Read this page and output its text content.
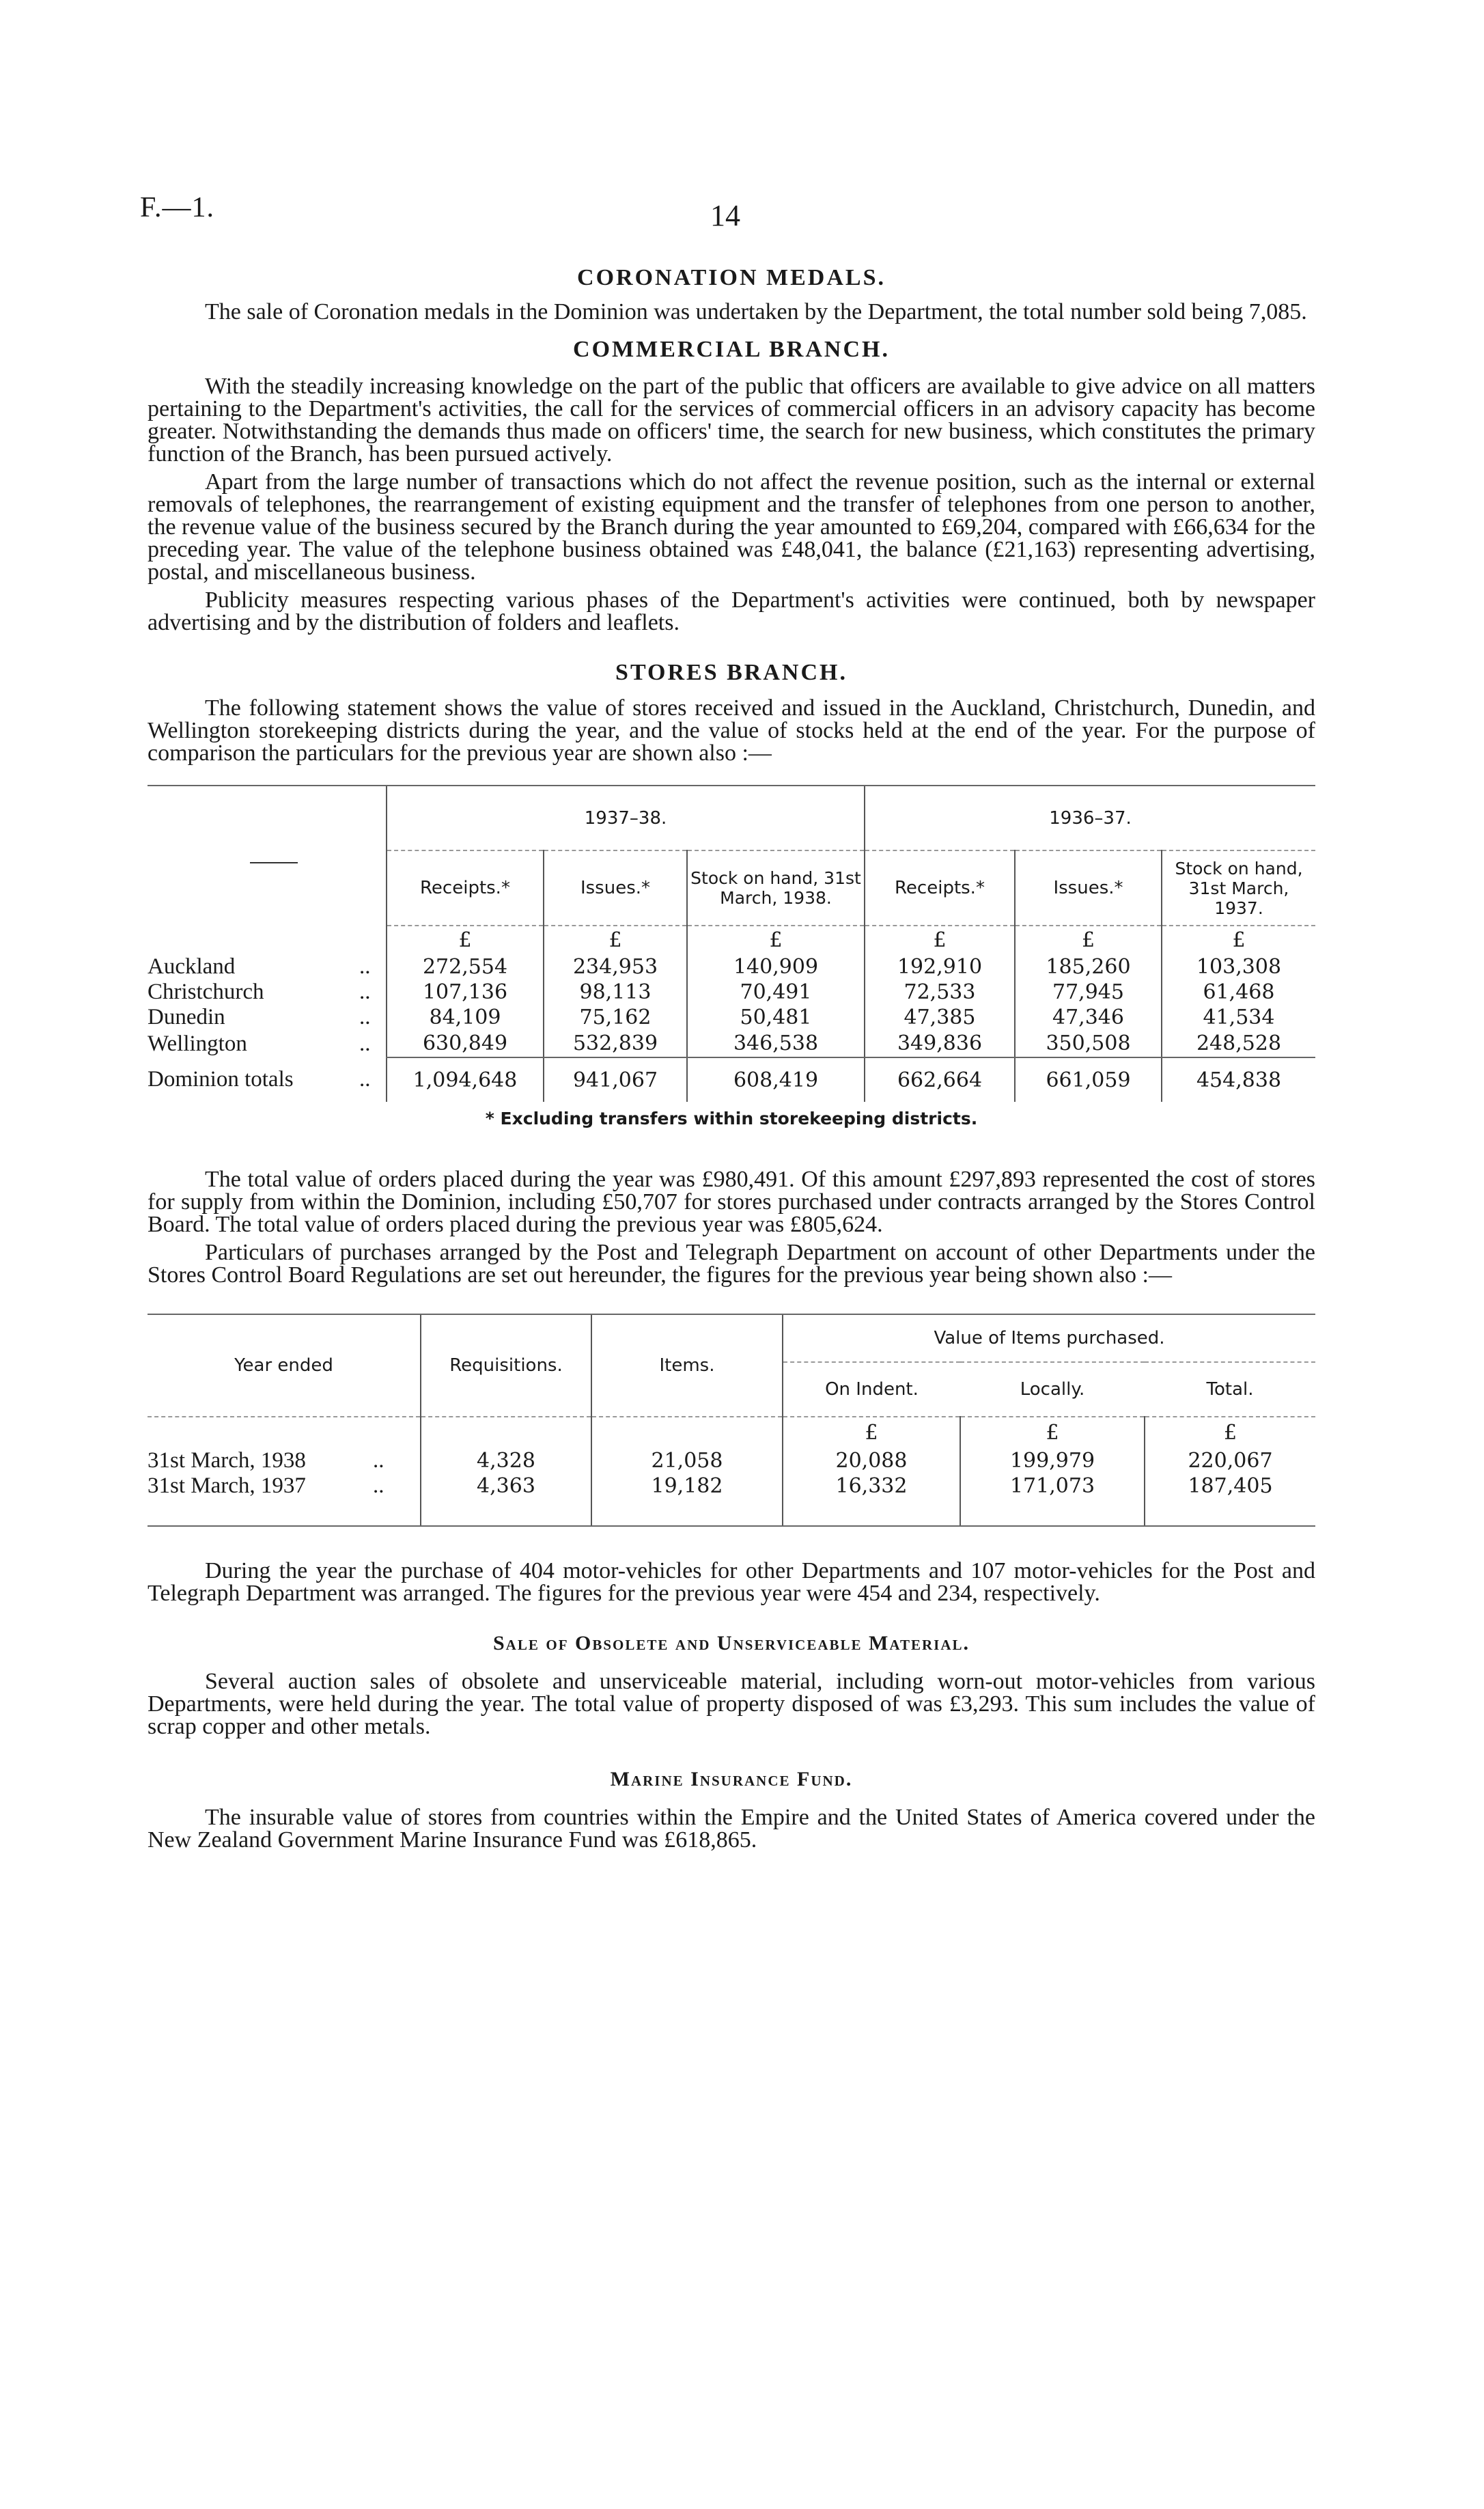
F.—1.	14
CORONATION MEDALS.

The sale of Coronation medals in the Dominion was undertaken by the Department, the total number sold being 7,085.

COMMERCIAL BRANCH.

With the steadily increasing knowledge on the part of the public that officers are available to give advice on all matters pertaining to the Department's activities, the call for the services of commercial officers in an advisory capacity has become greater. Notwithstanding the demands thus made on officers' time, the search for new business, which constitutes the primary function of the Branch, has been pursued actively.

Apart from the large number of transactions which do not affect the revenue position, such as the internal or external removals of telephones, the rearrangement of existing equipment and the transfer of telephones from one person to another, the revenue value of the business secured by the Branch during the year amounted to £69,204, compared with £66,634 for the preceding year. The value of the telephone business obtained was £48,041, the balance (£21,163) representing advertising, postal, and miscellaneous business.

Publicity measures respecting various phases of the Department's activities were continued, both by newspaper advertising and by the distribution of folders and leaflets.

STORES BRANCH.

The following statement shows the value of stores received and issued in the Auckland, Christchurch, Dunedin, and Wellington storekeeping districts during the year, and the value of stocks held at the end of the year. For the purpose of comparison the particulars for the previous year are shown also :—

	1937–38.			1936–37.		
	Receipts.*	Issues.*	Stock on hand, 31st March, 1938.	Receipts.*	Issues.*	Stock on hand, 31st March, 1937.
	£	£	£	£	£	£
Auckland ..	272,554	234,953	140,909	192,910	185,260	103,308
Christchurch ..	107,136	98,113	70,491	72,533	77,945	61,468
Dunedin ..	84,109	75,162	50,481	47,385	47,346	41,534
Wellington ..	630,849	532,839	346,538	349,836	350,508	248,528
Dominion totals ..	1,094,648	941,067	608,419	662,664	661,059	454,838
* Excluding transfers within storekeeping districts.

The total value of orders placed during the year was £980,491. Of this amount £297,893 represented the cost of stores for supply from within the Dominion, including £50,707 for stores purchased under contracts arranged by the Stores Control Board. The total value of orders placed during the previous year was £805,624.

Particulars of purchases arranged by the Post and Telegraph Department on account of other Departments under the Stores Control Board Regulations are set out hereunder, the figures for the previous year being shown also :—

Year ended	Requisitions.	Items.	Value of Items purchased.		
			On Indent.	Locally.	Total.
			£	£	£
31st March, 1938 ..	4,328	21,058	20,088	199,979	220,067
31st March, 1937 ..	4,363	19,182	16,332	171,073	187,405

During the year the purchase of 404 motor-vehicles for other Departments and 107 motor-vehicles for the Post and Telegraph Department was arranged. The figures for the previous year were 454 and 234, respectively.

Sale of Obsolete and Unserviceable Material.

Several auction sales of obsolete and unserviceable material, including worn-out motor-vehicles from various Departments, were held during the year. The total value of property disposed of was £3,293. This sum includes the value of scrap copper and other metals.

Marine Insurance Fund.

The insurable value of stores from countries within the Empire and the United States of America covered under the New Zealand Government Marine Insurance Fund was £618,865.
